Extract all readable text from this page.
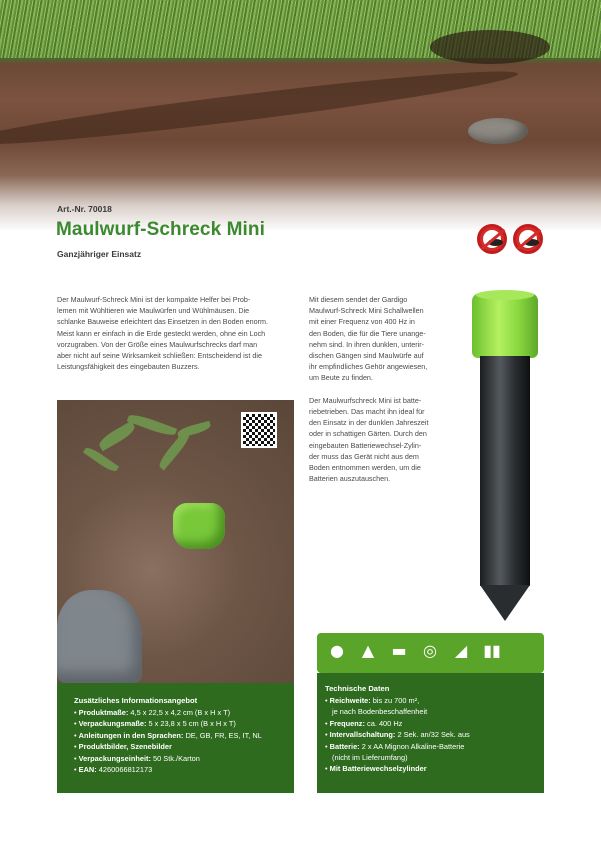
Art.-Nr. 70018
Maulwurf-Schreck Mini
Ganzjähriger Einsatz
Der Maulwurf-Schreck Mini ist der kompakte Helfer bei Prob-
lemen mit Wühltieren wie Maulwürfen und Wühlmäusen. Die
schlanke Bauweise erleichtert das Einsetzen in den Boden enorm.
Meist kann er einfach in die Erde gesteckt werden, ohne ein Loch
vorzugraben. Von der Größe eines Maulwurfschrecks darf man
aber nicht auf seine Wirksamkeit schließen: Entscheidend ist die
Leistungsfähigkeit des eingebauten Buzzers.
Mit diesem sendet der Gardigo
Maulwurf-Schreck Mini Schallwellen
mit einer Frequenz von 400 Hz in
den Boden, die für die Tiere unange-
nehm sind. In ihren dunklen, unterir-
dischen Gängen sind Maulwürfe auf
ihr empfindliches Gehör angewiesen,
um Beute zu finden.
Der Maulwurfschreck Mini ist batte-
riebetrieben. Das macht ihn ideal für
den Einsatz in der dunklen Jahreszeit
oder in schattigen Gärten. Durch den
eingebauten Batteriewechsel-Zylin-
der muss das Gerät nicht aus dem
Boden entnommen werden, um die
Batterien auszutauschen.
●	▲	▬	◎	◢	▮▮
Zusätzliches Informationsangebot
• Produktmaße: 4,5 x 22,5 x 4,2 cm (B x H x T)
• Verpackungsmaße: 5 x 23,8 x 5 cm (B x H x T)
• Anleitungen in den Sprachen: DE, GB, FR, ES, IT, NL
• Produktbilder, Szenebilder
• Verpackungseinheit: 50 Stk./Karton
• EAN: 4260066812173
Technische Daten
• Reichweite: bis zu 700 m²,
je nach Bodenbeschaffenheit
• Frequenz: ca. 400 Hz
• Intervallschaltung: 2 Sek. an/32 Sek. aus
• Batterie: 2 x AA Mignon Alkaline-Batterie
(nicht im Lieferumfang)
• Mit Batteriewechselzylinder
